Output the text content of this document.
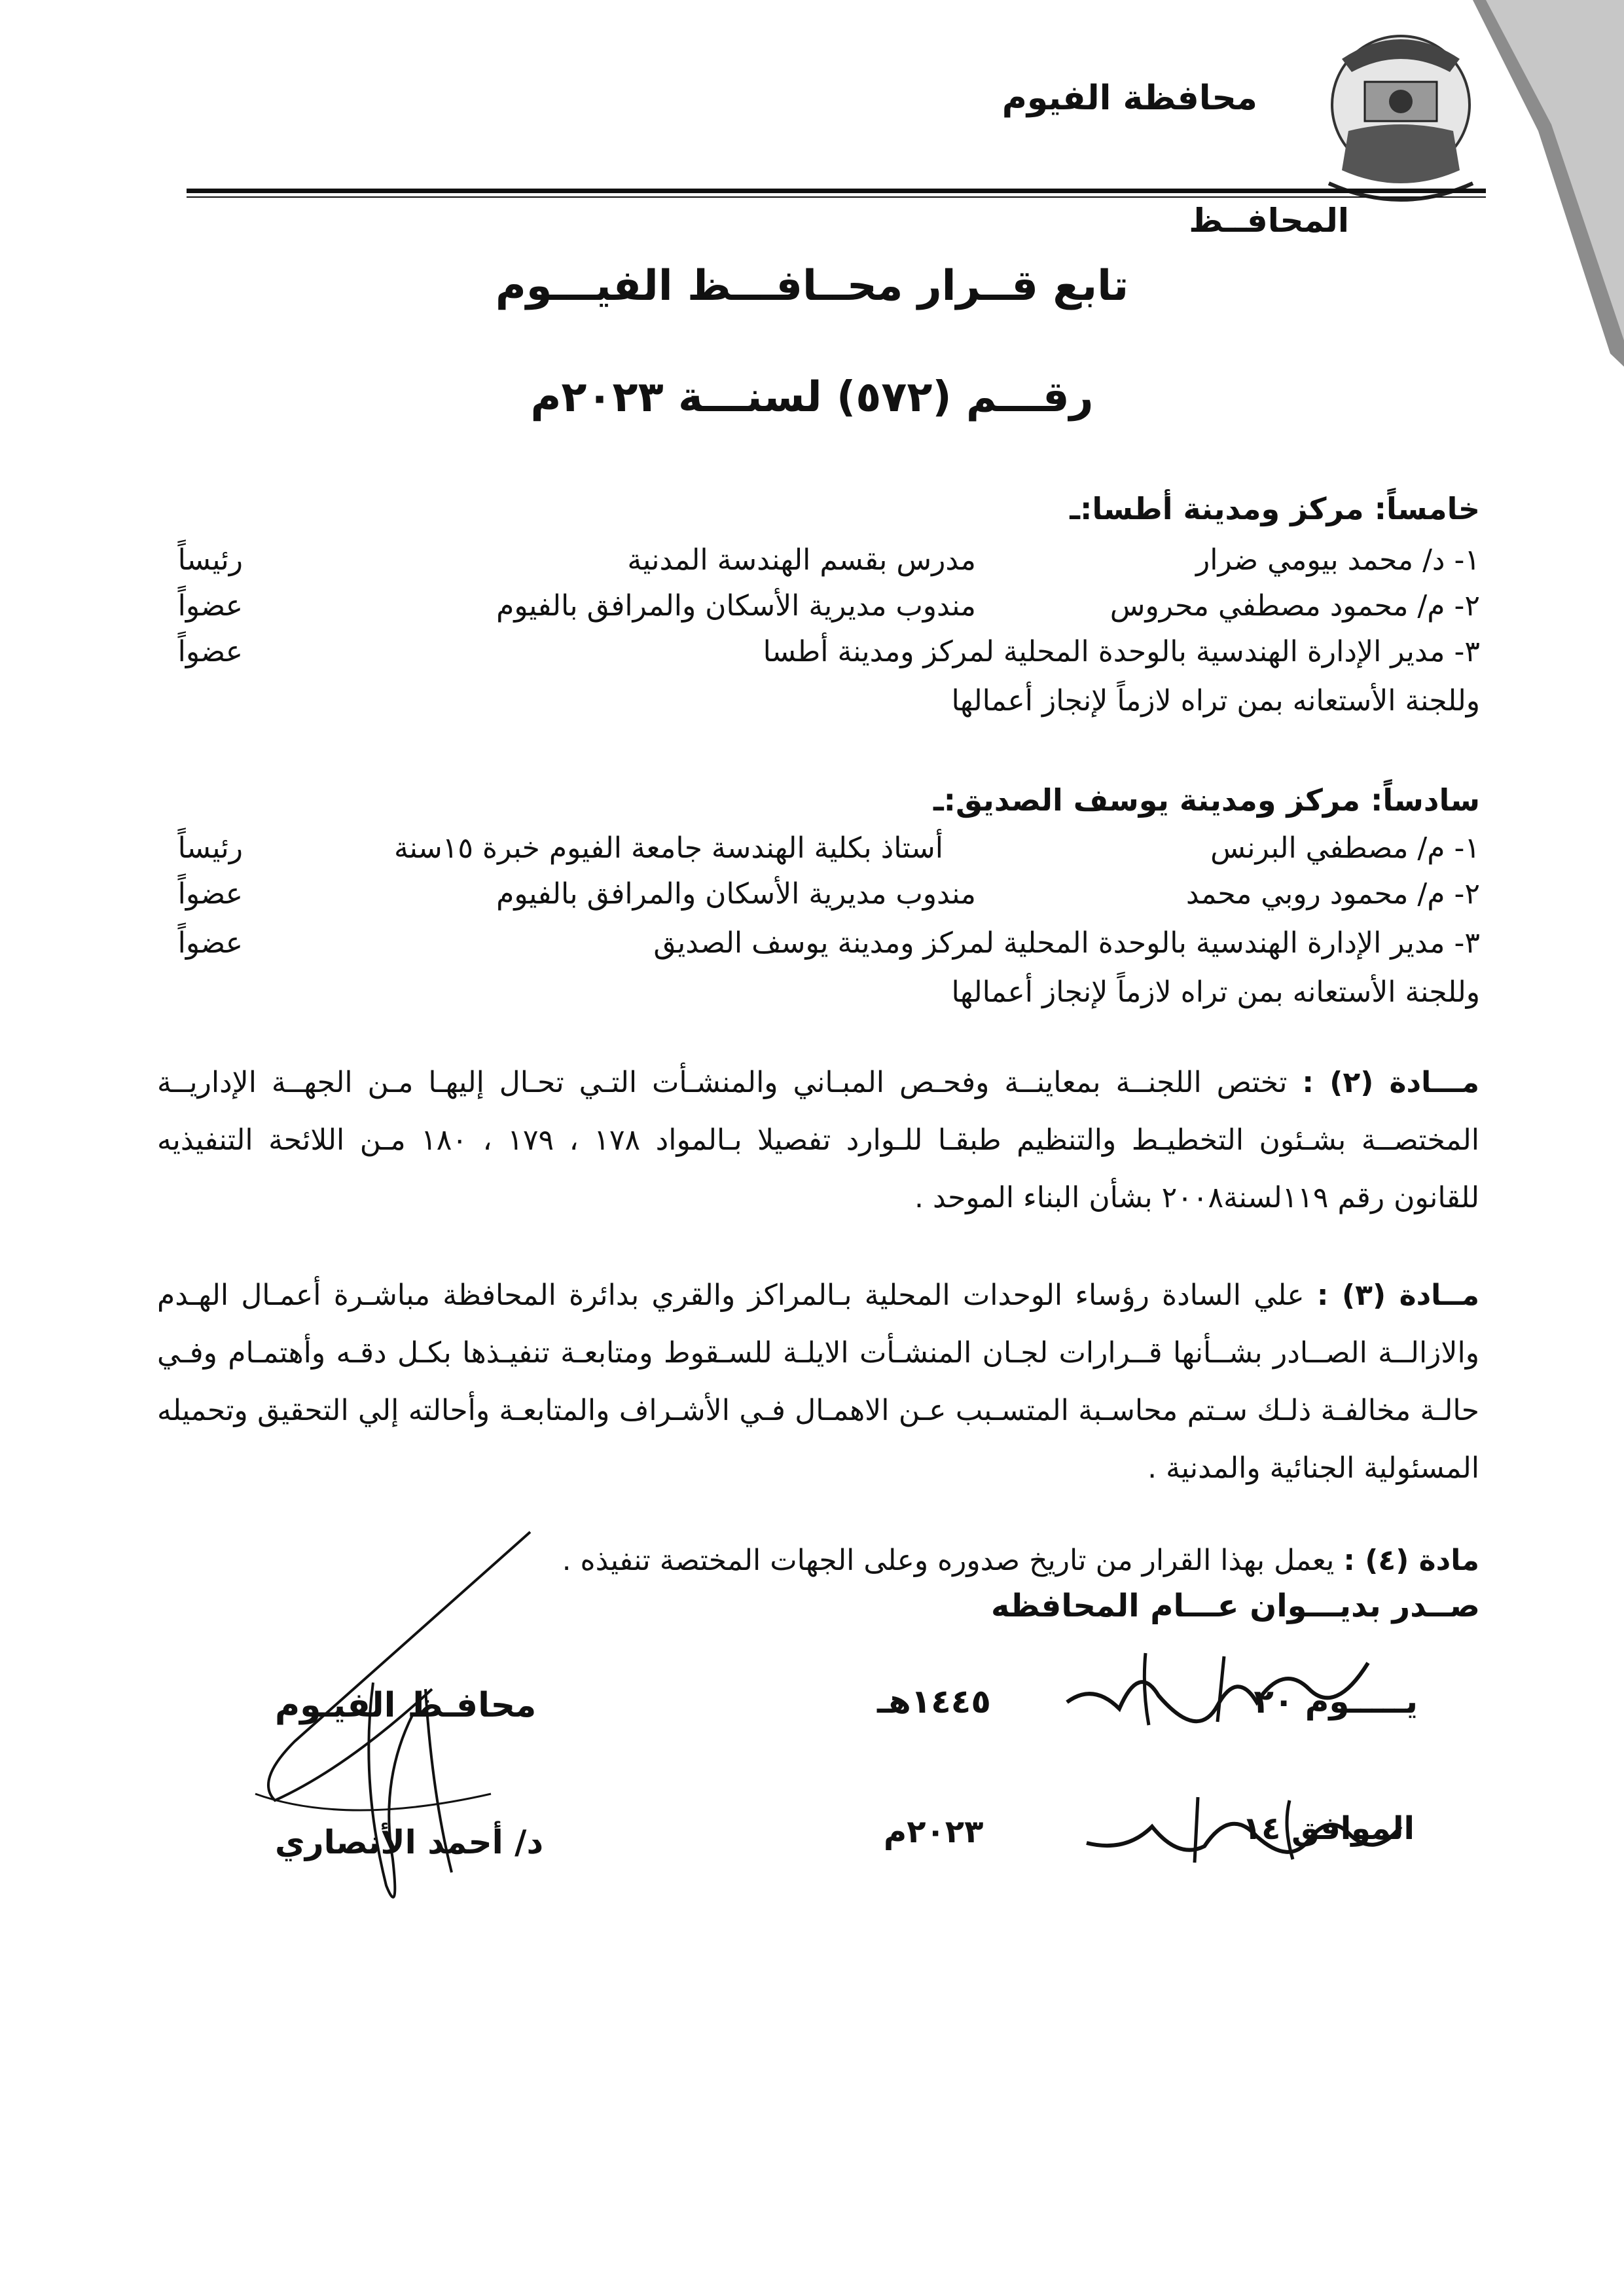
محافظة الفيوم
المحافــظ
تابع قــرار محــافـــظ الفيـــوم
رقـــم (٥٧٢) لسنـــة ٢٠٢٣م
خامساً: مركز ومدينة أطسا:ـ
١- د/ محمد بيومي ضرار
مدرس بقسم الهندسة المدنية
رئيساً
٢- م/ محمود مصطفي محروس
مندوب مديرية الأسكان والمرافق بالفيوم
عضواً
٣- مدير الإدارة الهندسية بالوحدة المحلية لمركز ومدينة أطسا
عضواً
وللجنة الأستعانه بمن تراه لازماً لإنجاز أعمالها
سادساً: مركز ومدينة يوسف الصديق:ـ
١- م/ مصطفي البرنس
أستاذ بكلية الهندسة جامعة الفيوم خبرة ١٥سنة
رئيساً
٢- م/ محمود روبي محمد
مندوب مديرية الأسكان والمرافق بالفيوم
عضواً
٣- مدير الإدارة الهندسية بالوحدة المحلية لمركز ومدينة يوسف الصديق
عضواً
وللجنة الأستعانه بمن تراه لازماً لإنجاز أعمالها
مـــادة (٢) : تختص اللجنــة بمعاينــة وفحـص المبـاني والمنشـأت التـي تحـال إليهـا مـن الجهــة الإداريــة المختصــة بشـئون التخطيـط والتنظيم طبقـا للـوارد تفصيلا بـالمواد ١٧٨ ، ١٧٩ ، ١٨٠ مـن اللائحة التنفيذيه للقانون رقم ١١٩لسنة٢٠٠٨ بشأن البناء الموحد .
مــادة (٣) : علي السادة رؤساء الوحدات المحلية بـالمراكز والقري بدائرة المحافظة مباشـرة أعمـال الهـدم والازالــة الصــادر بشــأنها قــرارات لجـان المنشـأت الايلـة للسـقوط ومتابعـة تنفيـذها بكـل دقـه وأهتمـام وفـي حالـة مخالفـة ذلـك سـتم محاسـبة المتسـبب عـن الاهمـال فـي الأشـراف والمتابعـة وأحالته إلي التحقيق وتحميله المسئولية الجنائية والمدنية .
مادة (٤) : يعمل بهذا القرار من تاريخ صدوره وعلى الجهات المختصة تنفيذه .
صــدر بديـــوان عـــام المحافظه
يـــــوم ٢٠
ربيع آخر
١٤٤٥هـ
الموافق ١٤
نوفمبر
٢٠٢٣م
محافـظ الفيـوم
د/ أحمد الأنصاري
